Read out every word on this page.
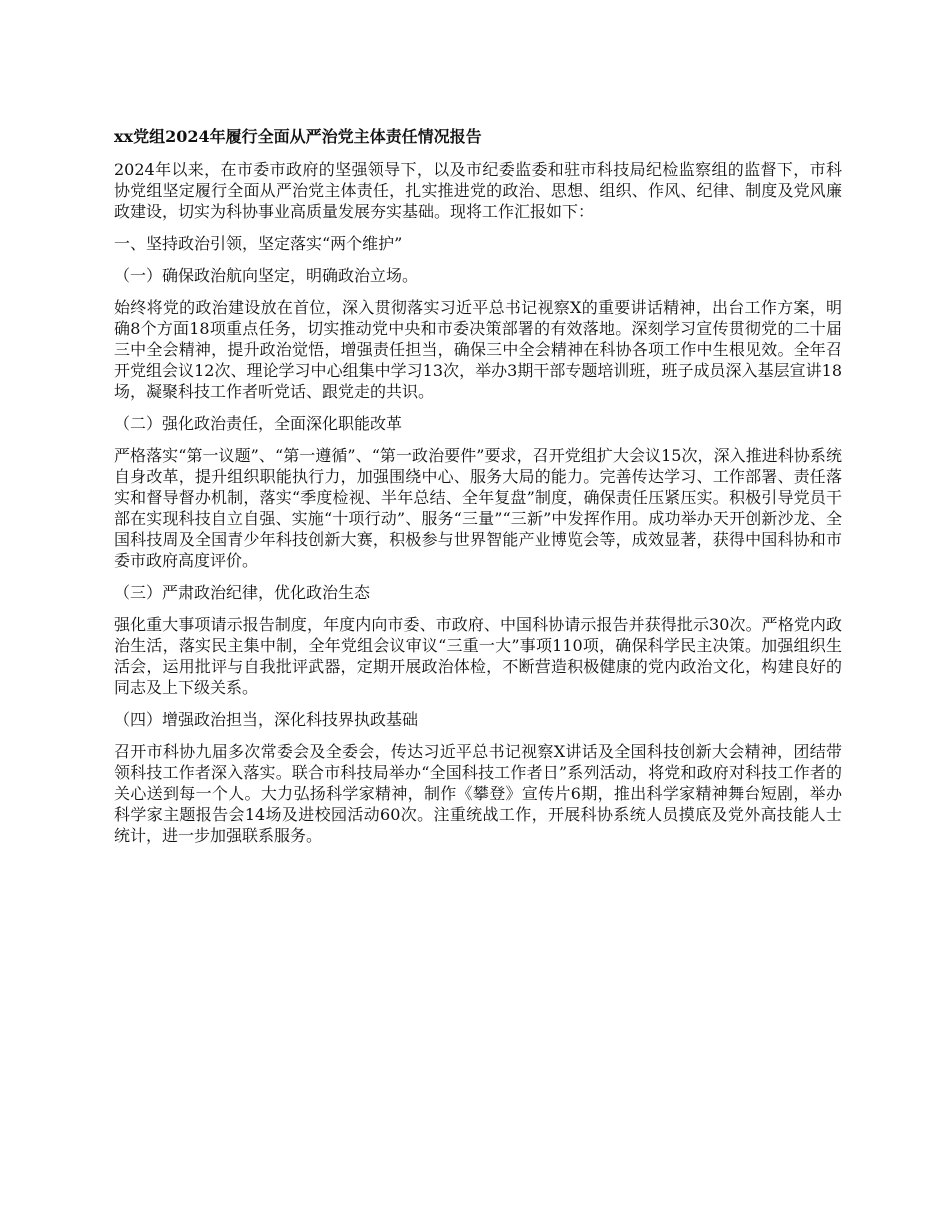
xx党组2024年履行全面从严治党主体责任情况报告

2024年以来，在市委市政府的坚强领导下，以及市纪委监委和驻市科技局纪检监察组的监督下，市科协党组坚定履行全面从严治党主体责任，扎实推进党的政治、思想、组织、作风、纪律、制度及党风廉政建设，切实为科协事业高质量发展夯实基础。现将工作汇报如下：

一、坚持政治引领，坚定落实“两个维护”

（一）确保政治航向坚定，明确政治立场。

始终将党的政治建设放在首位，深入贯彻落实习近平总书记视察X的重要讲话精神，出台工作方案，明确8个方面18项重点任务，切实推动党中央和市委决策部署的有效落地。深刻学习宣传贯彻党的二十届三中全会精神，提升政治觉悟，增强责任担当，确保三中全会精神在科协各项工作中生根见效。全年召开党组会议12次、理论学习中心组集中学习13次，举办3期干部专题培训班，班子成员深入基层宣讲18场，凝聚科技工作者听党话、跟党走的共识。

（二）强化政治责任，全面深化职能改革

严格落实“第一议题”、“第一遵循”、“第一政治要件”要求，召开党组扩大会议15次，深入推进科协系统自身改革，提升组织职能执行力，加强围绕中心、服务大局的能力。完善传达学习、工作部署、责任落实和督导督办机制，落实“季度检视、半年总结、全年复盘”制度，确保责任压紧压实。积极引导党员干部在实现科技自立自强、实施“十项行动”、服务“三量”“三新”中发挥作用。成功举办天开创新沙龙、全国科技周及全国青少年科技创新大赛，积极参与世界智能产业博览会等，成效显著，获得中国科协和市委市政府高度评价。

（三）严肃政治纪律，优化政治生态

强化重大事项请示报告制度，年度内向市委、市政府、中国科协请示报告并获得批示30次。严格党内政治生活，落实民主集中制，全年党组会议审议“三重一大”事项110项，确保科学民主决策。加强组织生活会，运用批评与自我批评武器，定期开展政治体检，不断营造积极健康的党内政治文化，构建良好的同志及上下级关系。

（四）增强政治担当，深化科技界执政基础

召开市科协九届多次常委会及全委会，传达习近平总书记视察X讲话及全国科技创新大会精神，团结带领科技工作者深入落实。联合市科技局举办“全国科技工作者日”系列活动，将党和政府对科技工作者的关心送到每一个人。大力弘扬科学家精神，制作《攀登》宣传片6期，推出科学家精神舞台短剧，举办科学家主题报告会14场及进校园活动60次。注重统战工作，开展科协系统人员摸底及党外高技能人士统计，进一步加强联系服务。
